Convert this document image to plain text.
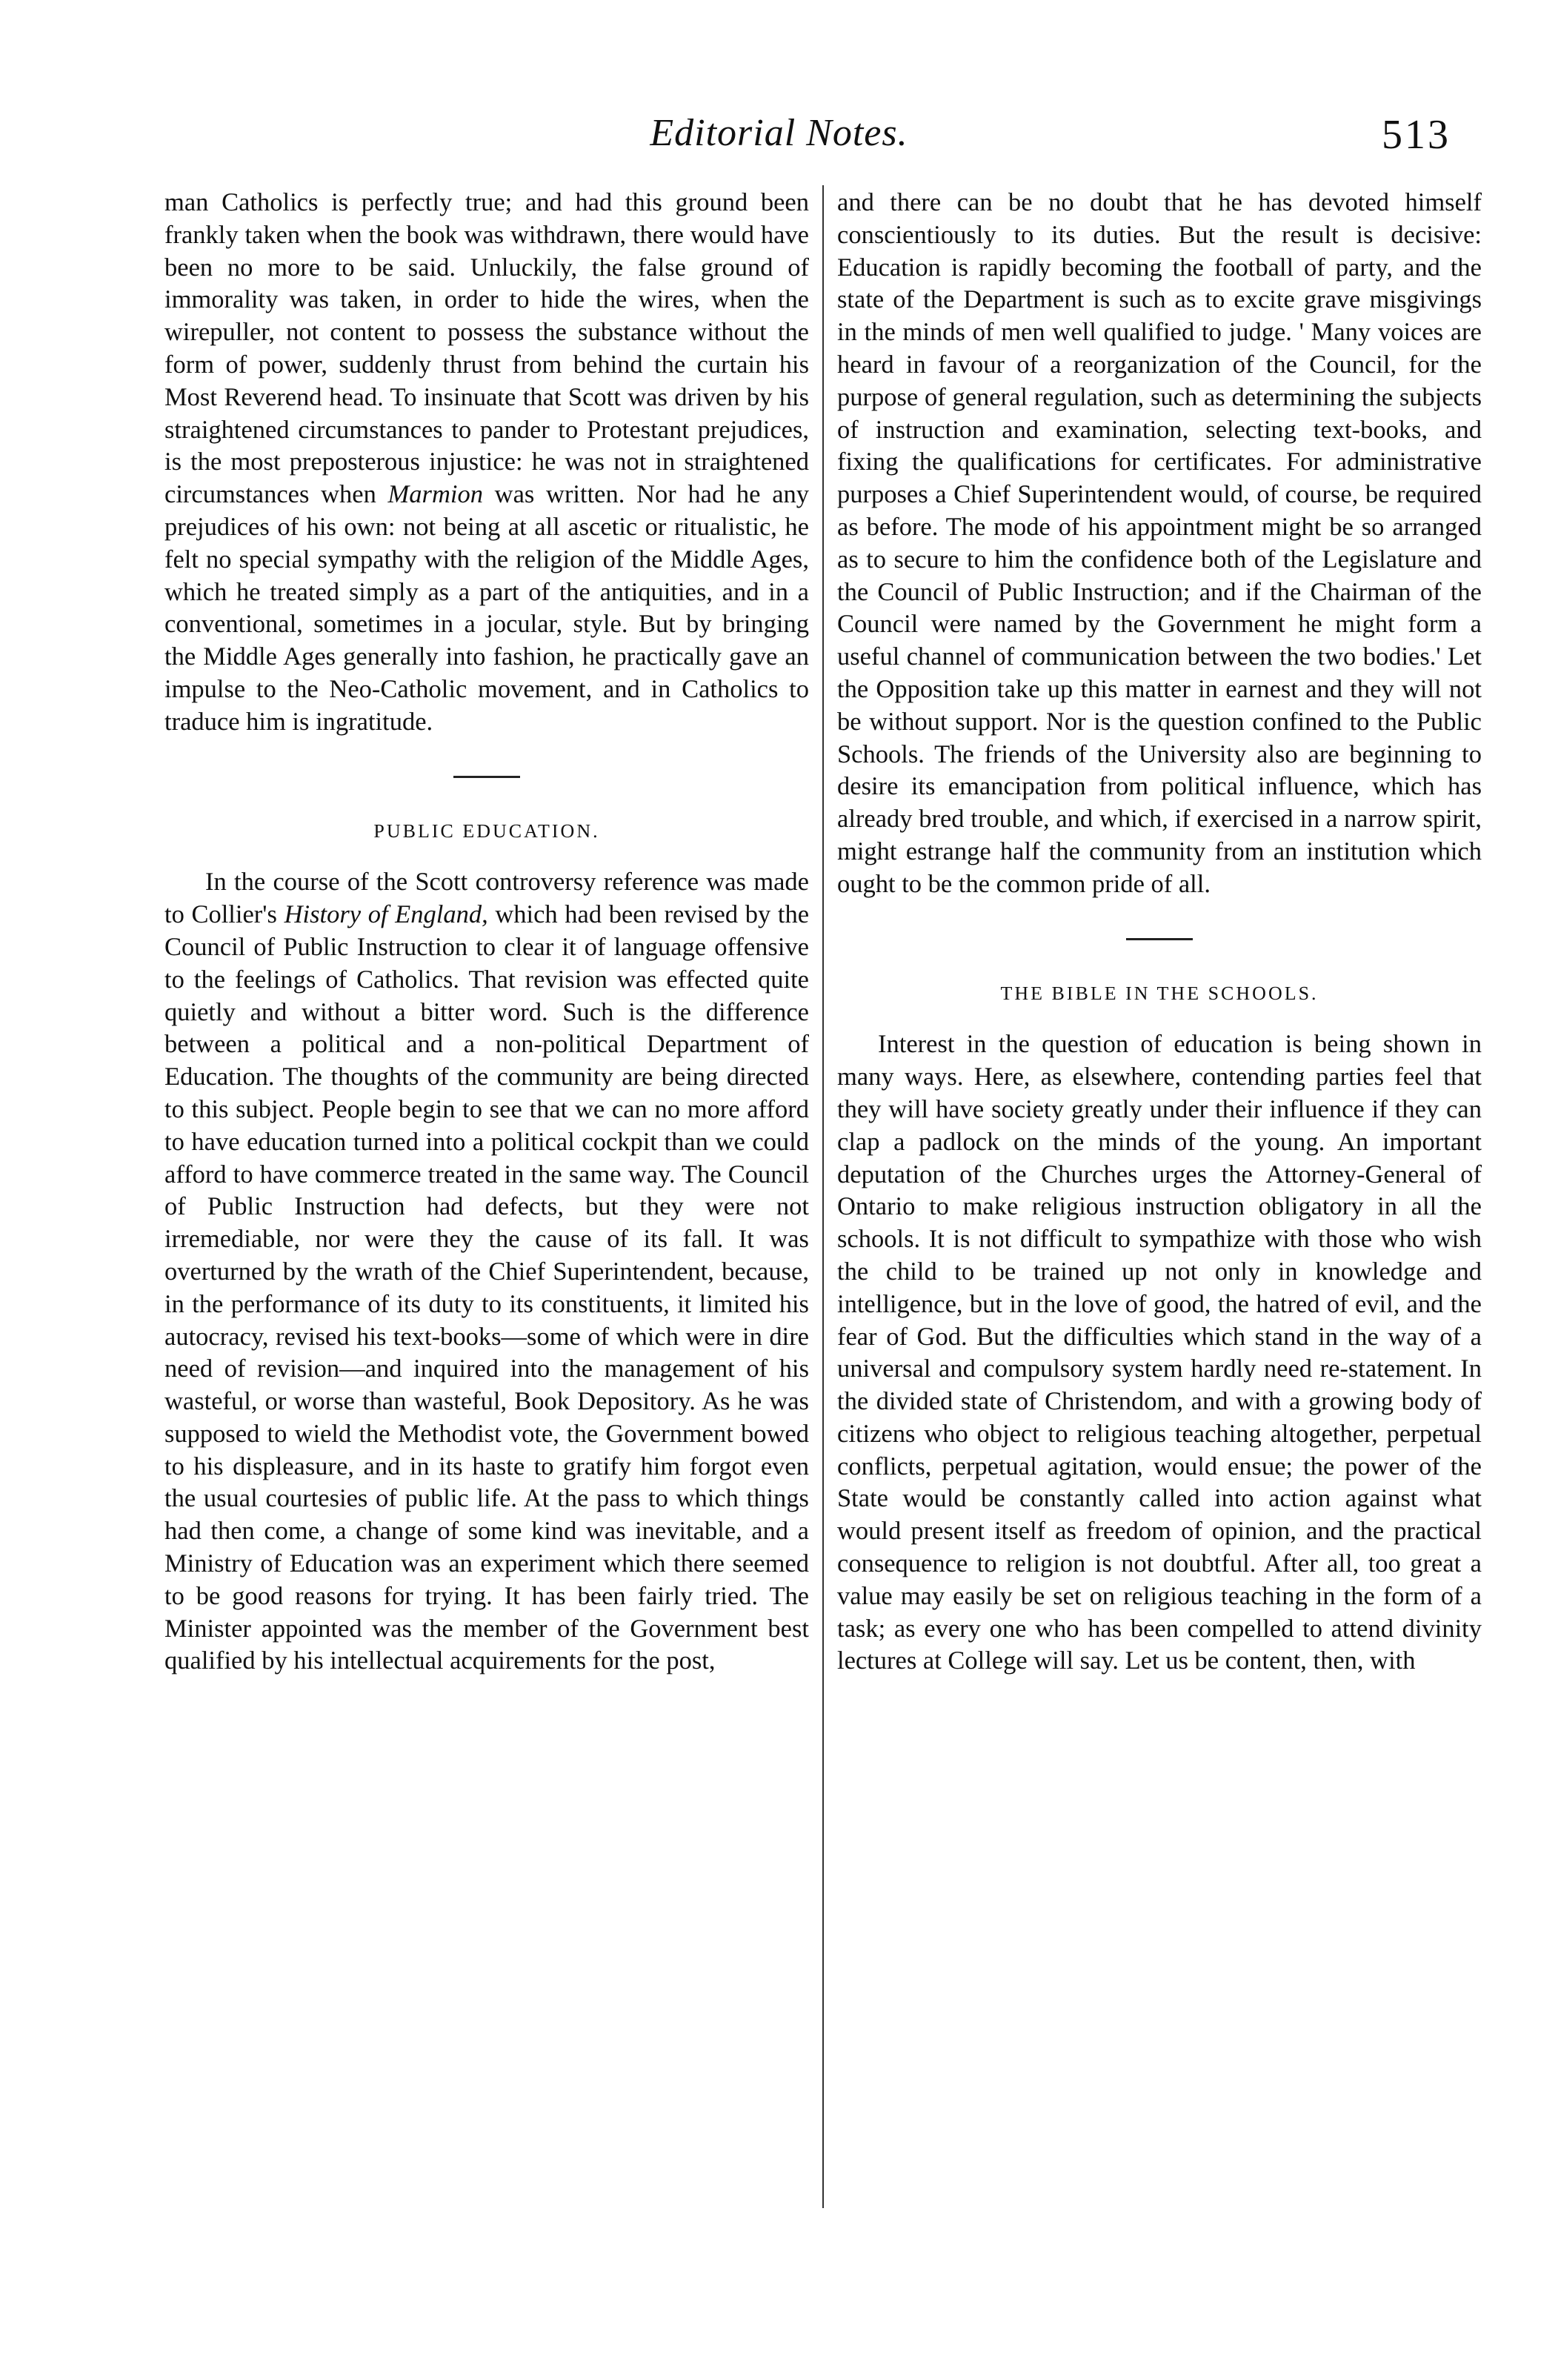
Editorial Notes.	513

man Catholics is perfectly true; and had this ground been frankly taken when the book was withdrawn, there would have been no more to be said. Unluckily, the false ground of immorality was taken, in order to hide the wires, when the wirepuller, not content to possess the substance without the form of power, suddenly thrust from behind the curtain his Most Reverend head. To insinuate that Scott was driven by his straightened circumstances to pander to Protestant prejudices, is the most preposterous injustice: he was not in straightened circumstances when Marmion was written. Nor had he any prejudices of his own: not being at all ascetic or ritualistic, he felt no special sympathy with the religion of the Middle Ages, which he treated simply as a part of the antiquities, and in a conventional, sometimes in a jocular, style. But by bringing the Middle Ages generally into fashion, he practically gave an impulse to the Neo-Catholic movement, and in Catholics to traduce him is ingratitude.

PUBLIC EDUCATION.

In the course of the Scott controversy reference was made to Collier's History of England, which had been revised by the Council of Public Instruction to clear it of language offensive to the feelings of Catholics. That revision was effected quite quietly and without a bitter word. Such is the difference between a political and a non-political Department of Education. The thoughts of the community are being directed to this subject. People begin to see that we can no more afford to have education turned into a political cockpit than we could afford to have commerce treated in the same way. The Council of Public Instruction had defects, but they were not irremediable, nor were they the cause of its fall. It was overturned by the wrath of the Chief Superintendent, because, in the performance of its duty to its constituents, it limited his autocracy, revised his text-books—some of which were in dire need of revision—and inquired into the management of his wasteful, or worse than wasteful, Book Depository. As he was supposed to wield the Methodist vote, the Government bowed to his displeasure, and in its haste to gratify him forgot even the usual courtesies of public life. At the pass to which things had then come, a change of some kind was inevitable, and a Ministry of Education was an experiment which there seemed to be good reasons for trying. It has been fairly tried. The Minister appointed was the member of the Government best qualified by his intellectual acquirements for the post,

and there can be no doubt that he has devoted himself conscientiously to its duties. But the result is decisive: Education is rapidly becoming the football of party, and the state of the Department is such as to excite grave misgivings in the minds of men well qualified to judge. ' Many voices are heard in favour of a reorganization of the Council, for the purpose of general regulation, such as determining the subjects of instruction and examination, selecting text-books, and fixing the qualifications for certificates. For administrative purposes a Chief Superintendent would, of course, be required as before. The mode of his appointment might be so arranged as to secure to him the confidence both of the Legislature and the Council of Public Instruction; and if the Chairman of the Council were named by the Government he might form a useful channel of communication between the two bodies.' Let the Opposition take up this matter in earnest and they will not be without support. Nor is the question confined to the Public Schools. The friends of the University also are beginning to desire its emancipation from political influence, which has already bred trouble, and which, if exercised in a narrow spirit, might estrange half the community from an institution which ought to be the common pride of all.

THE BIBLE IN THE SCHOOLS.

Interest in the question of education is being shown in many ways. Here, as elsewhere, contending parties feel that they will have society greatly under their influence if they can clap a padlock on the minds of the young. An important deputation of the Churches urges the Attorney-General of Ontario to make religious instruction obligatory in all the schools. It is not difficult to sympathize with those who wish the child to be trained up not only in knowledge and intelligence, but in the love of good, the hatred of evil, and the fear of God. But the difficulties which stand in the way of a universal and compulsory system hardly need re-statement. In the divided state of Christendom, and with a growing body of citizens who object to religious teaching altogether, perpetual conflicts, perpetual agitation, would ensue; the power of the State would be constantly called into action against what would present itself as freedom of opinion, and the practical consequence to religion is not doubtful. After all, too great a value may easily be set on religious teaching in the form of a task; as every one who has been compelled to attend divinity lectures at College will say. Let us be content, then, with
